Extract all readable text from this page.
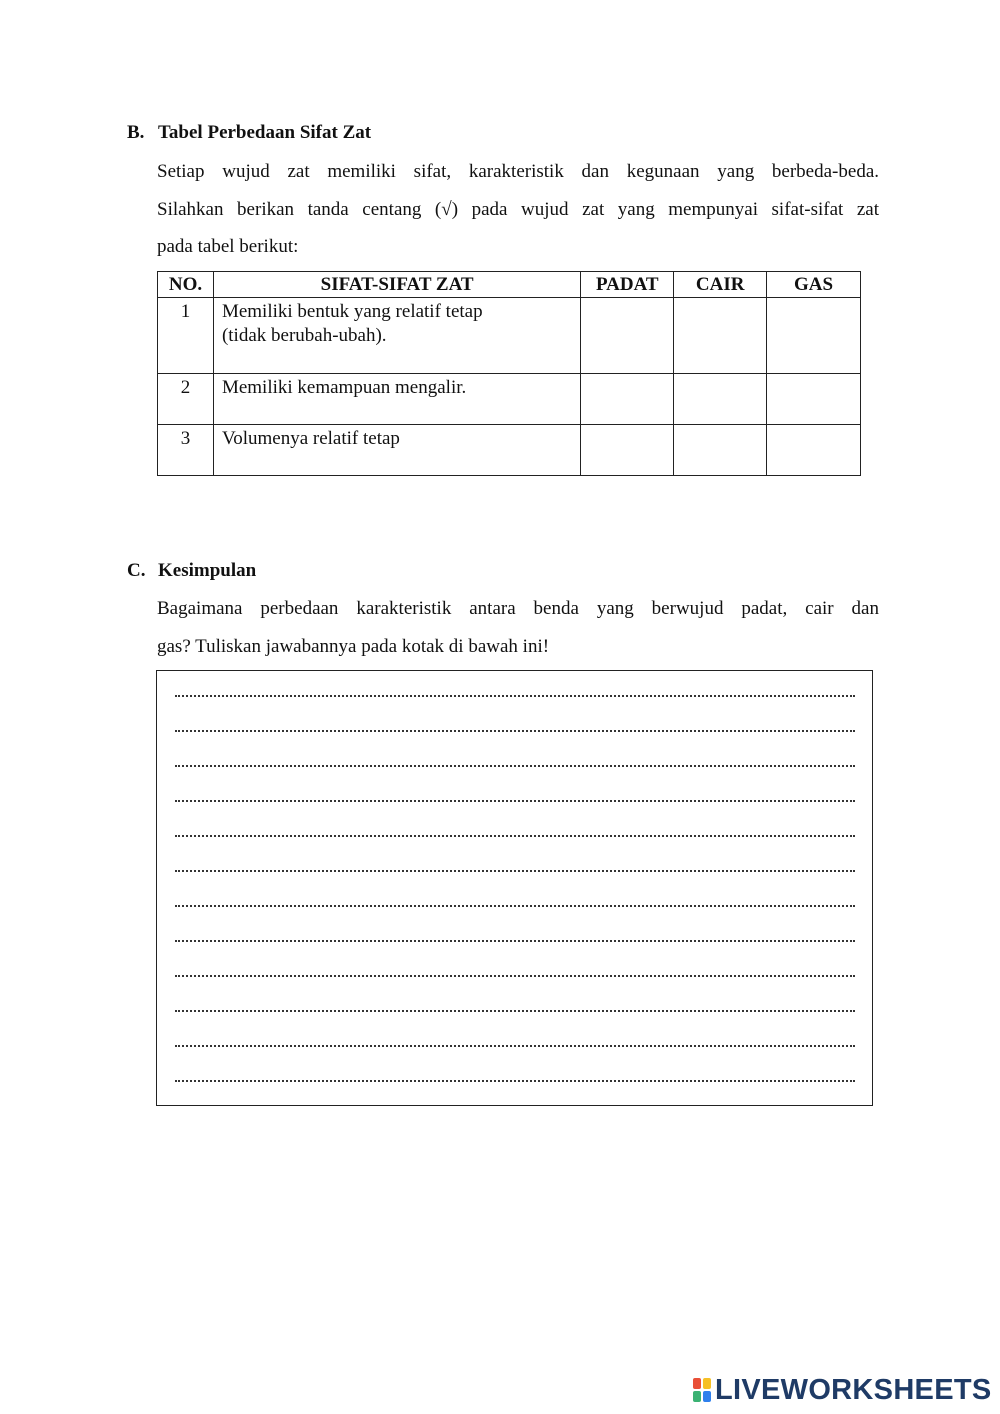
B. Tabel Perbedaan Sifat Zat
Setiap wujud zat memiliki sifat, karakteristik dan kegunaan yang berbeda-beda.
Silahkan berikan tanda centang (√) pada wujud zat yang mempunyai sifat-sifat zat
pada tabel berikut:
NO.	SIFAT-SIFAT ZAT	PADAT	CAIR	GAS
1	Memiliki bentuk yang relatif tetap
(tidak berubah-ubah).			

2	Memiliki kemampuan mengalir.			

3	Volumenya relatif tetap			

C. Kesimpulan
Bagaimana perbedaan karakteristik antara benda yang berwujud padat, cair dan
gas? Tuliskan jawabannya pada kotak di bawah ini!
LIVEWORKSHEETS
